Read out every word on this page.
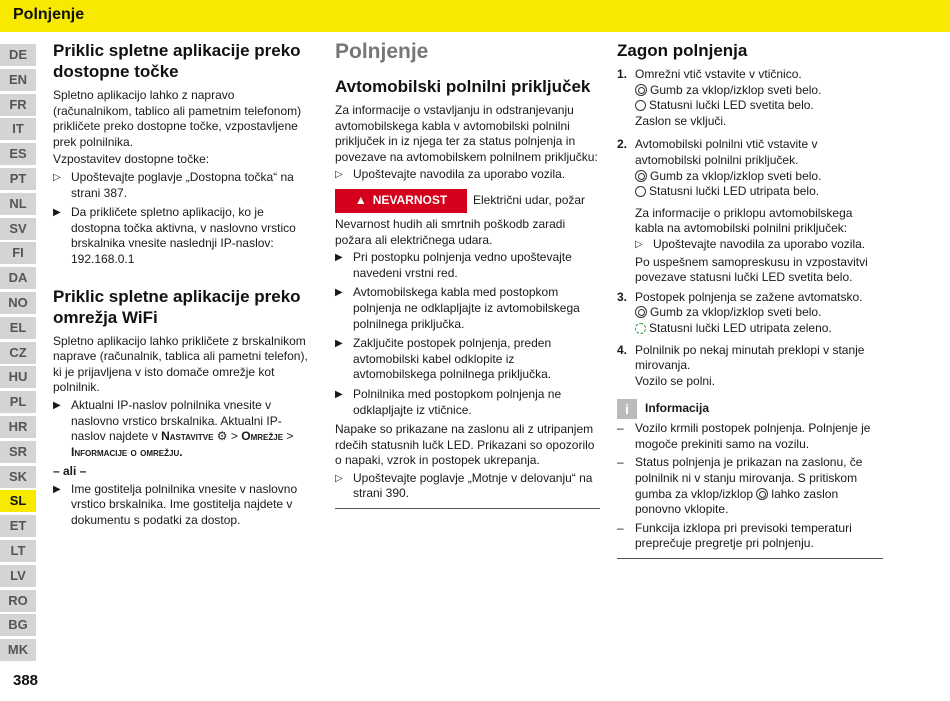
Polnjenje
DE
EN
FR
IT
ES
PT
NL
SV
FI
DA
NO
EL
CZ
HU
PL
HR
SR
SK
SL
ET
LT
LV
RO
BG
MK
388
Priklic spletne aplikacije preko dostopne točke

Spletno aplikacijo lahko z napravo (računalnikom, tablico ali pametnim telefonom) prikličete preko dostopne točke, vzpostavljene prek polnilnika.

Vzpostavitev dostopne točke:

▷ Upoštevajte poglavje „Dostopna točka“ na strani 387.
▶ Da prikličete spletno aplikacijo, ko je dostopna točka aktivna, v naslovno vrstico brskalnika vnesite naslednji IP-naslov: 192.168.0.1
Priklic spletne aplikacije preko omrežja WiFi

Spletno aplikacijo lahko prikličete z brskalnikom naprave (računalnik, tablica ali pametni telefon), ki je prijavljena v isto domače omrežje kot polnilnik.

▶ Aktualni IP-naslov polnilnika vnesite v naslovno vrstico brskalnika. Aktualni IP-naslov najdete v Nastavitve ⚙ > Omrežje > Informacije o omrežju.

– ali –

▶ Ime gostitelja polnilnika vnesite v naslovno vrstico brskalnika. Ime gostitelja najdete v dokumentu s podatki za dostop.
Polnjenje
Avtomobilski polnilni priključek

Za informacije o vstavljanju in odstranjevanju avtomobilskega kabla v avtomobilski polnilni priključek in iz njega ter za status polnjenja in povezave na avtomobilskem polnilnem priključku:

▷ Upoštevajte navodila za uporabo vozila.
▲ NEVARNOST Električni udar, požar

Nevarnost hudih ali smrtnih poškodb zaradi požara ali električnega udara.

▶ Pri postopku polnjenja vedno upoštevajte navedeni vrstni red.
▶ Avtomobilskega kabla med postopkom polnjenja ne odklapljajte iz avtomobilskega polnilnega priključka.
▶ Zaključite postopek polnjenja, preden avtomobilski kabel odklopite iz avtomobilskega polnilnega priključka.
▶ Polnilnika med postopkom polnjenja ne odklapljajte iz vtičnice.

Napake so prikazane na zaslonu ali z utripanjem rdečih statusnih lučk LED. Prikazani so opozorilo o napaki, vzrok in postopek ukrepanja.

▷ Upoštevajte poglavje „Motnje v delovanju“ na strani 390.
Zagon polnjenja
1. Omrežni vtič vstavite v vtičnico.

Gumb za vklop/izklop sveti belo.

Statusni lučki LED svetita belo.

Zaslon se vključi.

2. Avtomobilski polnilni vtič vstavite v avtomobilski polnilni priključek.

Gumb za vklop/izklop sveti belo.

Statusni lučki LED utripata belo.

Za informacije o priklopu avtomobilskega kabla na avtomobilski polnilni priključek:

▷ Upoštevajte navodila za uporabo vozila.

Po uspešnem samopreskusu in vzpostavitvi povezave statusni lučki LED svetita belo.

3. Postopek polnjenja se zažene avtomatsko.

Gumb za vklop/izklop sveti belo.

Statusni lučki LED utripata zeleno.

4. Polnilnik po nekaj minutah preklopi v stanje mirovanja.

Vozilo se polni.

i	Informacija
– Vozilo krmili postopek polnjenja. Polnjenje je mogoče prekiniti samo na vozilu.
– Status polnjenja je prikazan na zaslonu, če polnilnik ni v stanju mirovanja. S pritiskom gumba za vklop/izklop lahko zaslon ponovno vklopite.
– Funkcija izklopa pri previsoki temperaturi preprečuje pregretje pri polnjenju.
